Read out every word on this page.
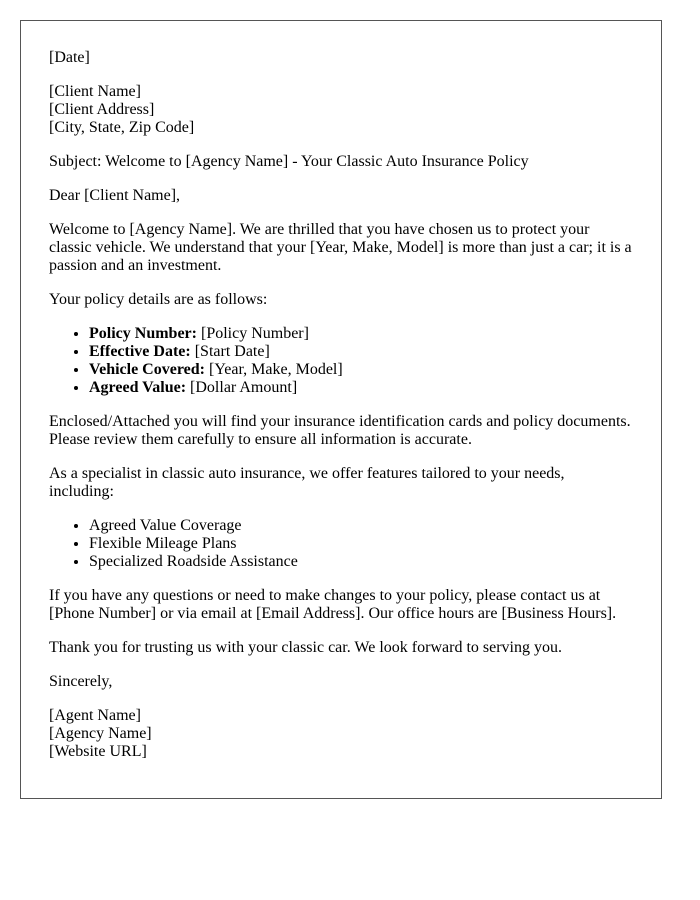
[Date]

[Client Name]
[Client Address]
[City, State, Zip Code]

Subject: Welcome to [Agency Name] - Your Classic Auto Insurance Policy

Dear [Client Name],

Welcome to [Agency Name]. We are thrilled that you have chosen us to protect your classic vehicle. We understand that your [Year, Make, Model] is more than just a car; it is a passion and an investment.

Your policy details are as follows:

• Policy Number: [Policy Number]
• Effective Date: [Start Date]
• Vehicle Covered: [Year, Make, Model]
• Agreed Value: [Dollar Amount]

Enclosed/Attached you will find your insurance identification cards and policy documents. Please review them carefully to ensure all information is accurate.

As a specialist in classic auto insurance, we offer features tailored to your needs, including:

• Agreed Value Coverage
• Flexible Mileage Plans
• Specialized Roadside Assistance

If you have any questions or need to make changes to your policy, please contact us at [Phone Number] or via email at [Email Address]. Our office hours are [Business Hours].

Thank you for trusting us with your classic car. We look forward to serving you.

Sincerely,

[Agent Name]
[Agency Name]
[Website URL]
